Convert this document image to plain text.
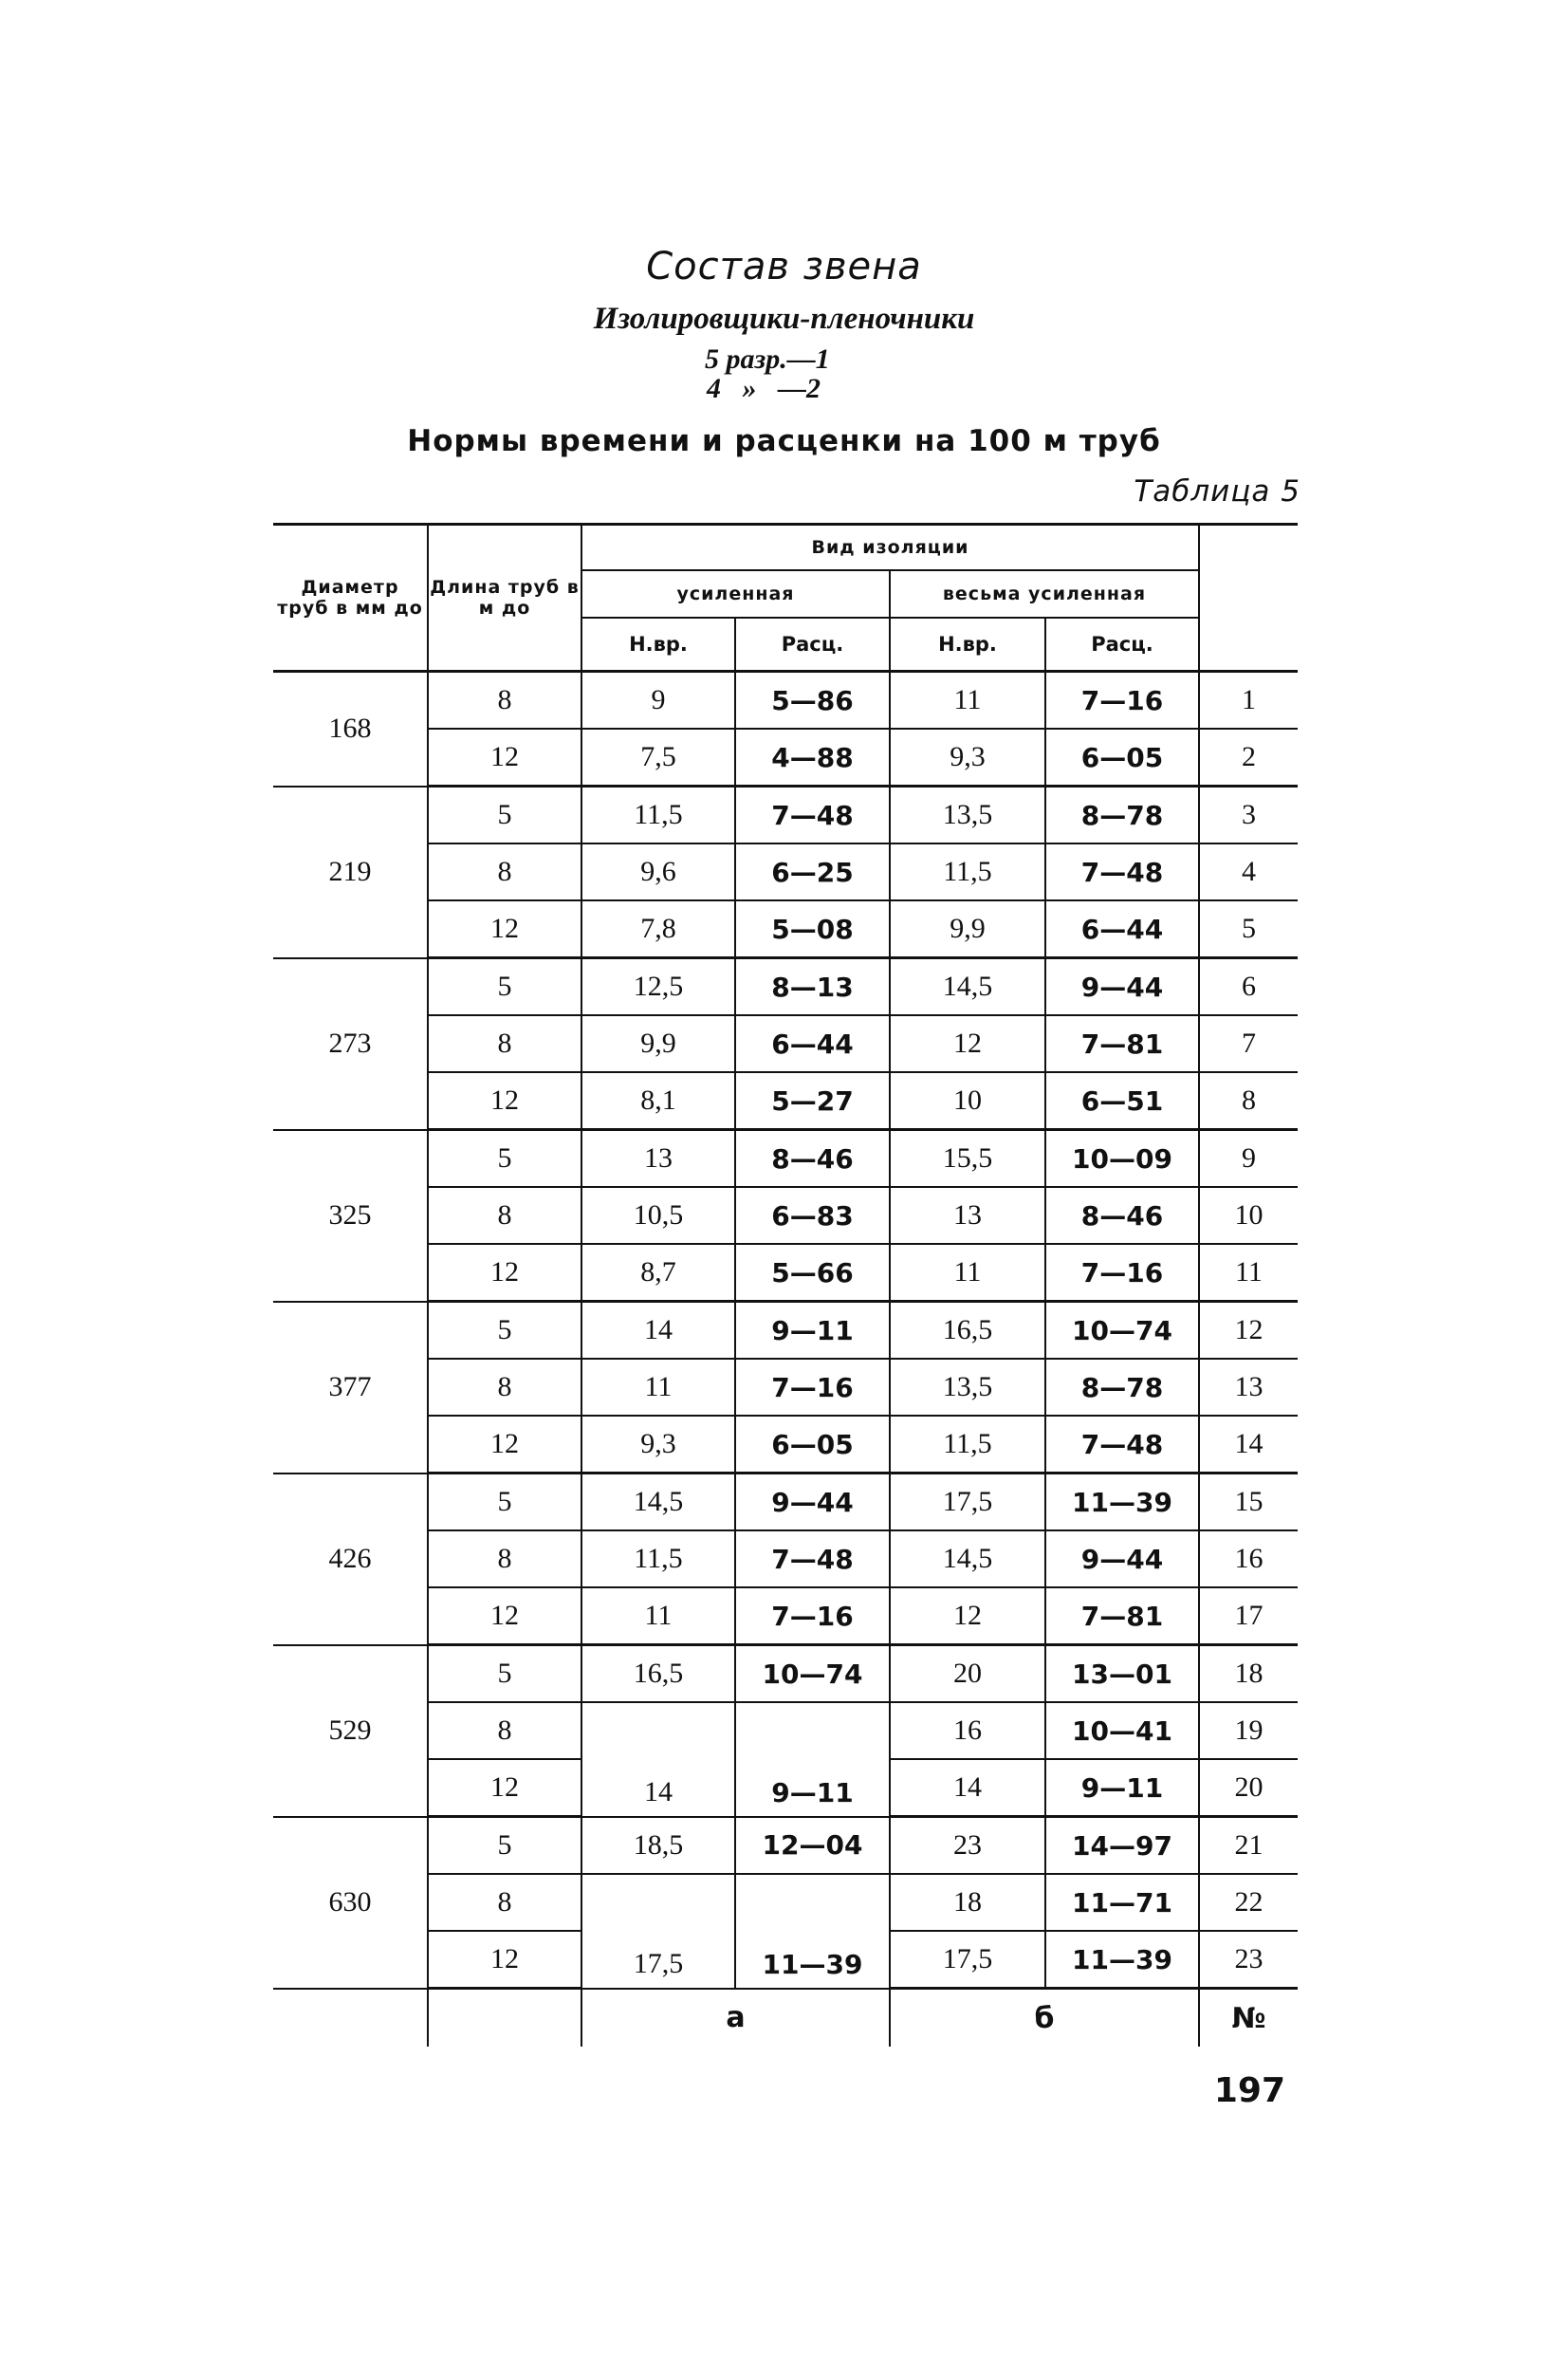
Состав звена
Изолировщики-пленочники
5 разр.—1
4   »   —2
Нормы времени и расценки на 100 м труб
Таблица 5
Диаметр труб в мм до	Длина труб в м до	Вид изоляции				
		усиленная		весьма усиленная		
		Н.вр.	Расц.	Н.вр.	Расц.	
168	8	9	5—86	11	7—16	1
	12	7,5	4—88	9,3	6—05	2
219	5	11,5	7—48	13,5	8—78	3
	8	9,6	6—25	11,5	7—48	4
	12	7,8	5—08	9,9	6—44	5
273	5	12,5	8—13	14,5	9—44	6
	8	9,9	6—44	12	7—81	7
	12	8,1	5—27	10	6—51	8
325	5	13	8—46	15,5	10—09	9
	8	10,5	6—83	13	8—46	10
	12	8,7	5—66	11	7—16	11
377	5	14	9—11	16,5	10—74	12
	8	11	7—16	13,5	8—78	13
	12	9,3	6—05	11,5	7—48	14
426	5	14,5	9—44	17,5	11—39	15
	8	11,5	7—48	14,5	9—44	16
	12	11	7—16	12	7—81	17
529	5	16,5	10—74	20	13—01	18
	8	14	9—11	16	10—41	19
	12			14	9—11	20
630	5	18,5	12—04	23	14—97	21
	8	17,5	11—39	18	11—71	22
	12			17,5	11—39	23
		а		б		№
197
